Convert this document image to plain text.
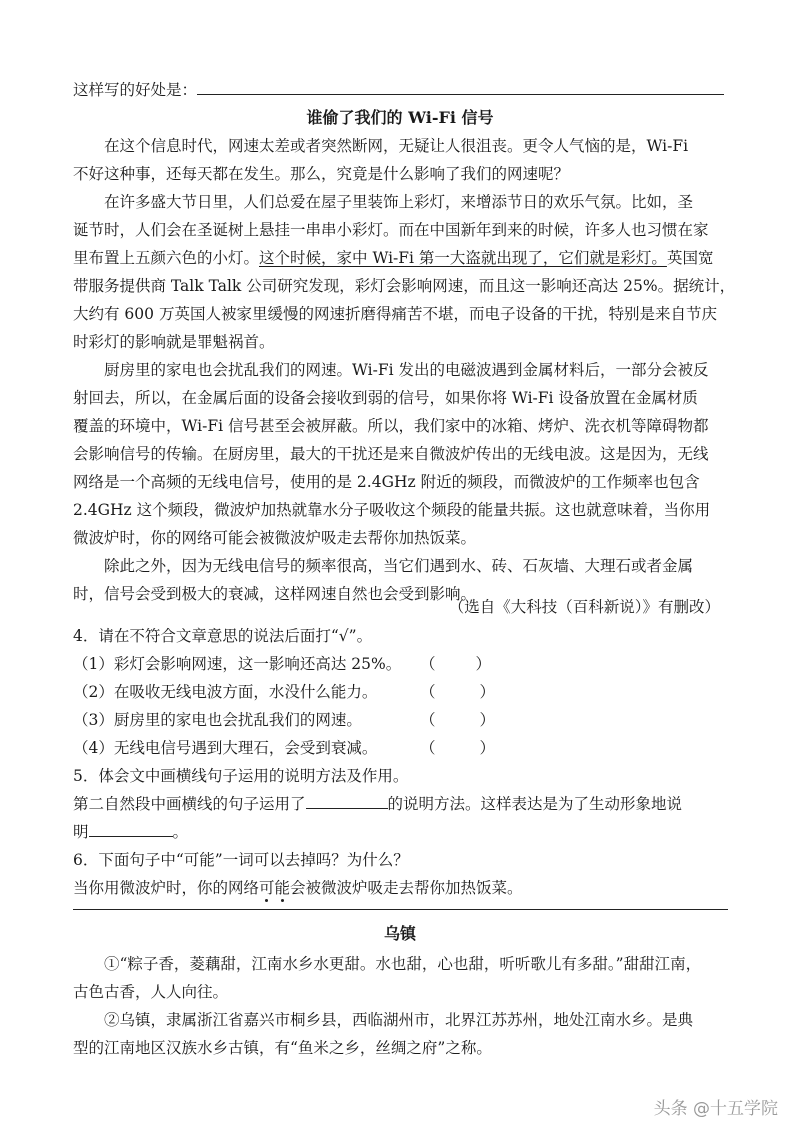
这样写的好处是：
谁偷了我们的 Wi-Fi 信号
在这个信息时代，网速太差或者突然断网，无疑让人很沮丧。更令人气恼的是，Wi-Fi
不好这种事，还每天都在发生。那么，究竟是什么影响了我们的网速呢？
在许多盛大节日里，人们总爱在屋子里装饰上彩灯，来增添节日的欢乐气氛。比如，圣
诞节时，人们会在圣诞树上悬挂一串串小彩灯。而在中国新年到来的时候，许多人也习惯在家
里布置上五颜六色的小灯。这个时候，家中 Wi-Fi 第一大盗就出现了，它们就是彩灯。英国宽
带服务提供商 Talk Talk 公司研究发现，彩灯会影响网速，而且这一影响还高达 25%。据统计，
大约有 600 万英国人被家里缓慢的网速折磨得痛苦不堪，而电子设备的干扰，特别是来自节庆
时彩灯的影响就是罪魁祸首。
厨房里的家电也会扰乱我们的网速。Wi-Fi 发出的电磁波遇到金属材料后，一部分会被反
射回去，所以，在金属后面的设备会接收到弱的信号，如果你将 Wi-Fi 设备放置在金属材质
覆盖的环境中，Wi-Fi 信号甚至会被屏蔽。所以，我们家中的冰箱、烤炉、洗衣机等障碍物都
会影响信号的传输。在厨房里，最大的干扰还是来自微波炉传出的无线电波。这是因为，无线
网络是一个高频的无线电信号，使用的是 2.4GHz 附近的频段，而微波炉的工作频率也包含
2.4GHz 这个频段，微波炉加热就靠水分子吸收这个频段的能量共振。这也就意味着，当你用
微波炉时，你的网络可能会被微波炉吸走去帮你加热饭菜。
除此之外，因为无线电信号的频率很高，当它们遇到水、砖、石灰墙、大理石或者金属
时，信号会受到极大的衰减，这样网速自然也会受到影响。
（选自《大科技（百科新说）》有删改）
4．请在不符合文章意思的说法后面打“√”。
（1）彩灯会影响网速，这一影响还高达 25%。 （	）
（2）在吸收无线电波方面，水没什么能力。	（	）
（3）厨房里的家电也会扰乱我们的网速。	（	）
（4）无线电信号遇到大理石，会受到衰减。	（	）
5．体会文中画横线句子运用的说明方法及作用。
第二自然段中画横线的句子运用了	的说明方法。这样表达是为了生动形象地说
明	。
6．下面句子中“可能”一词可以去掉吗？为什么？
当你用微波炉时，你的网络可能会被微波炉吸走去帮你加热饭菜。
乌镇
①“粽子香，菱藕甜，江南水乡水更甜。水也甜，心也甜，听听歌儿有多甜。”甜甜江南，
古色古香，人人向往。
②乌镇，隶属浙江省嘉兴市桐乡县，西临湖州市，北界江苏苏州，地处江南水乡。是典
型的江南地区汉族水乡古镇，有“鱼米之乡，丝绸之府”之称。
头条 @十五学院
